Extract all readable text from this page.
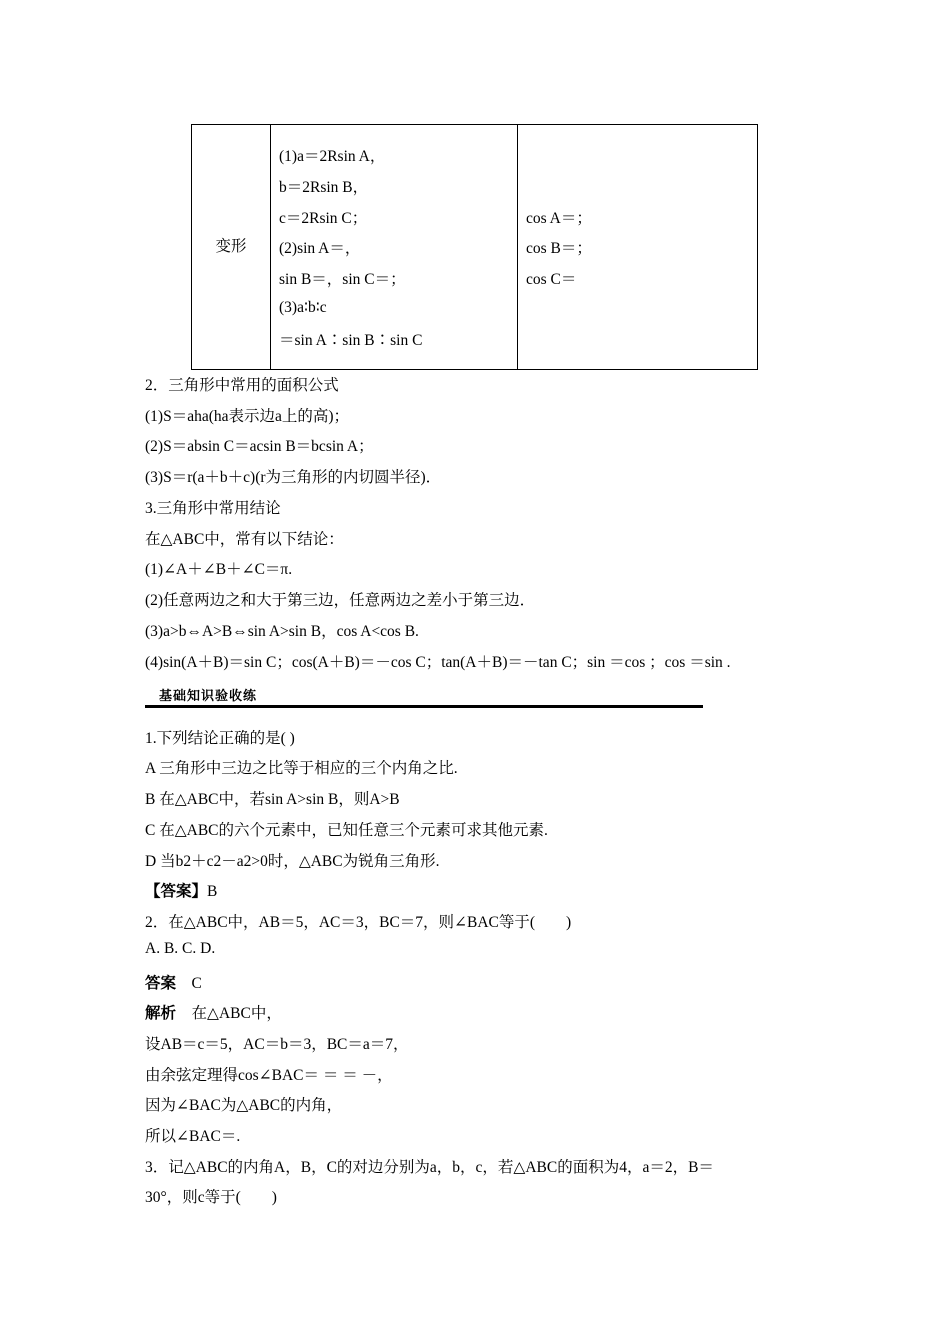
变形
(1)a＝2Rsin A，
b＝2Rsin B，
c＝2Rsin C；
(2)sin A＝，
sin B＝，sin C＝；
(3)a∶b∶c
＝sin A∶sin B∶sin C
cos A＝；
cos B＝；
cos C＝
2．三角形中常用的面积公式
(1)S＝aha(ha表示边a上的高)；
(2)S＝absin C＝acsin B＝bcsin A；
(3)S＝r(a＋b＋c)(r为三角形的内切圆半径)．
3.三角形中常用结论
在△ABC中，常有以下结论：
(1)∠A＋∠B＋∠C＝π.
(2)任意两边之和大于第三边，任意两边之差小于第三边．
(3)a>b⇔A>B⇔sin A>sin B，cos A<cos B.
(4)sin(A＋B)＝sin C；cos(A＋B)＝－cos C；tan(A＋B)＝－tan C；sin ＝cos ；cos ＝sin .
基础知识验收练
1.下列结论正确的是( )
A 三角形中三边之比等于相应的三个内角之比.
B 在△ABC中，若sin A>sin B，则A>B
C 在△ABC的六个元素中，已知任意三个元素可求其他元素.
D 当b2＋c2－a2>0时，△ABC为锐角三角形.
【答案】B
2．在△ABC中，AB＝5，AC＝3，BC＝7，则∠BAC等于(　　)
A. B. C. D.
答案　 C
解析　 在△ABC中，
设AB＝c＝5，AC＝b＝3，BC＝a＝7，
由余弦定理得cos∠BAC＝ ＝ ＝ －，
因为∠BAC为△ABC的内角，
所以∠BAC＝.
3．记△ABC的内角A，B，C的对边分别为a，b，c，若△ABC的面积为4，a＝2，B＝
30°，则c等于(　　)
